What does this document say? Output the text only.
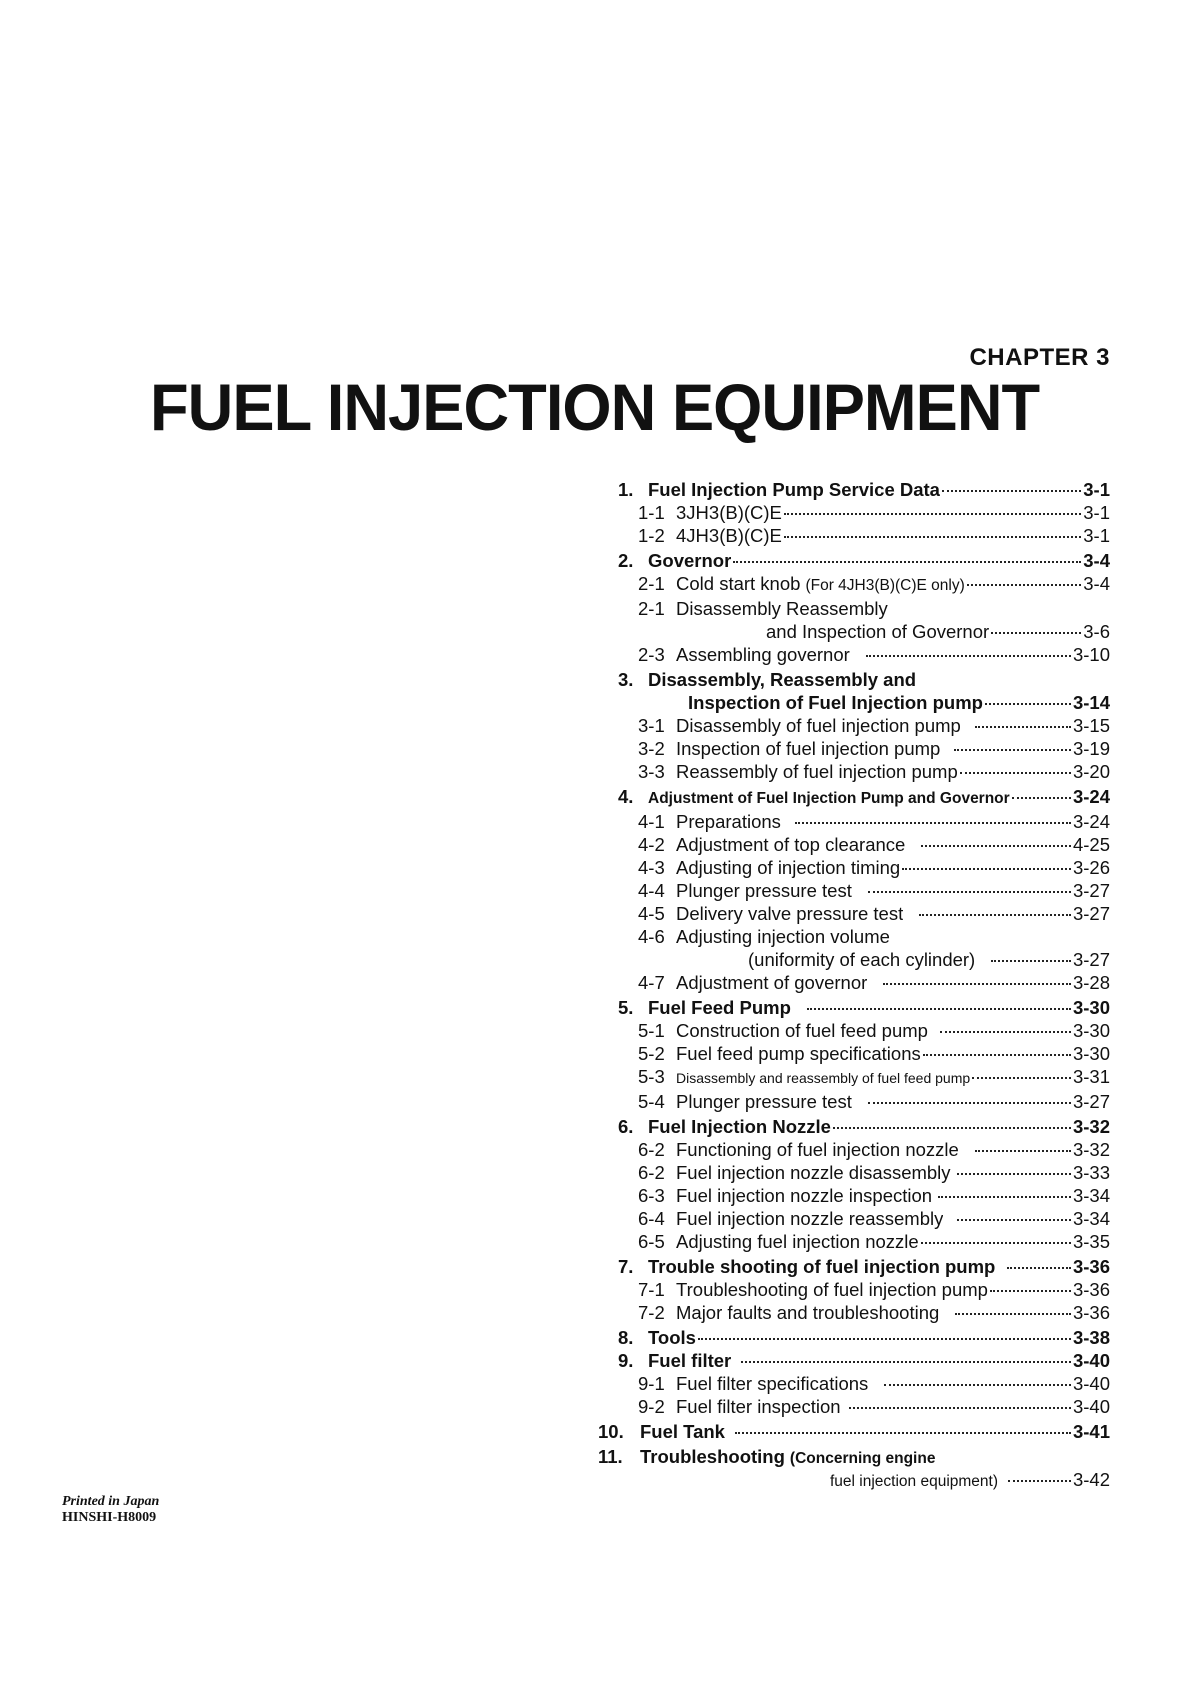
CHAPTER 3
FUEL INJECTION EQUIPMENT
1. Fuel Injection Pump Service Data	3-1
1-1 3JH3(B)(C)E	3-1
1-2 4JH3(B)(C)E	3-1
2. Governor	3-4
2-1 Cold start knob (For 4JH3(B)(C)E only)	3-4
2-1 Disassembly Reassembly
and Inspection of Governor	3-6
2-3 Assembling governor	3-10
3. Disassembly, Reassembly and
Inspection of Fuel Injection pump	3-14
3-1 Disassembly of fuel injection pump	3-15
3-2 Inspection of fuel injection pump	3-19
3-3 Reassembly of fuel injection pump	3-20
4. Adjustment of Fuel Injection Pump and Governor	3-24
4-1 Preparations	3-24
4-2 Adjustment of top clearance	4-25
4-3 Adjusting of injection timing	3-26
4-4 Plunger pressure test	3-27
4-5 Delivery valve pressure test	3-27
4-6 Adjusting injection volume
(uniformity of each cylinder)	3-27
4-7 Adjustment of governor	3-28
5. Fuel Feed Pump	3-30
5-1 Construction of fuel feed pump	3-30
5-2 Fuel feed pump specifications	3-30
5-3 Disassembly and reassembly of fuel feed pump	3-31
5-4 Plunger pressure test	3-27
6. Fuel Injection Nozzle	3-32
6-2 Functioning of fuel injection nozzle	3-32
6-2 Fuel injection nozzle disassembly	3-33
6-3 Fuel injection nozzle inspection	3-34
6-4 Fuel injection nozzle reassembly	3-34
6-5 Adjusting fuel injection nozzle	3-35
7. Trouble shooting of fuel injection pump	3-36
7-1 Troubleshooting of fuel injection pump	3-36
7-2 Major faults and troubleshooting	3-36
8. Tools	3-38
9. Fuel filter	3-40
9-1 Fuel filter specifications	3-40
9-2 Fuel filter inspection	3-40
10. Fuel Tank	3-41
11. Troubleshooting (Concerning engine
fuel injection equipment)	3-42
Printed in Japan
HINSHI-H8009
